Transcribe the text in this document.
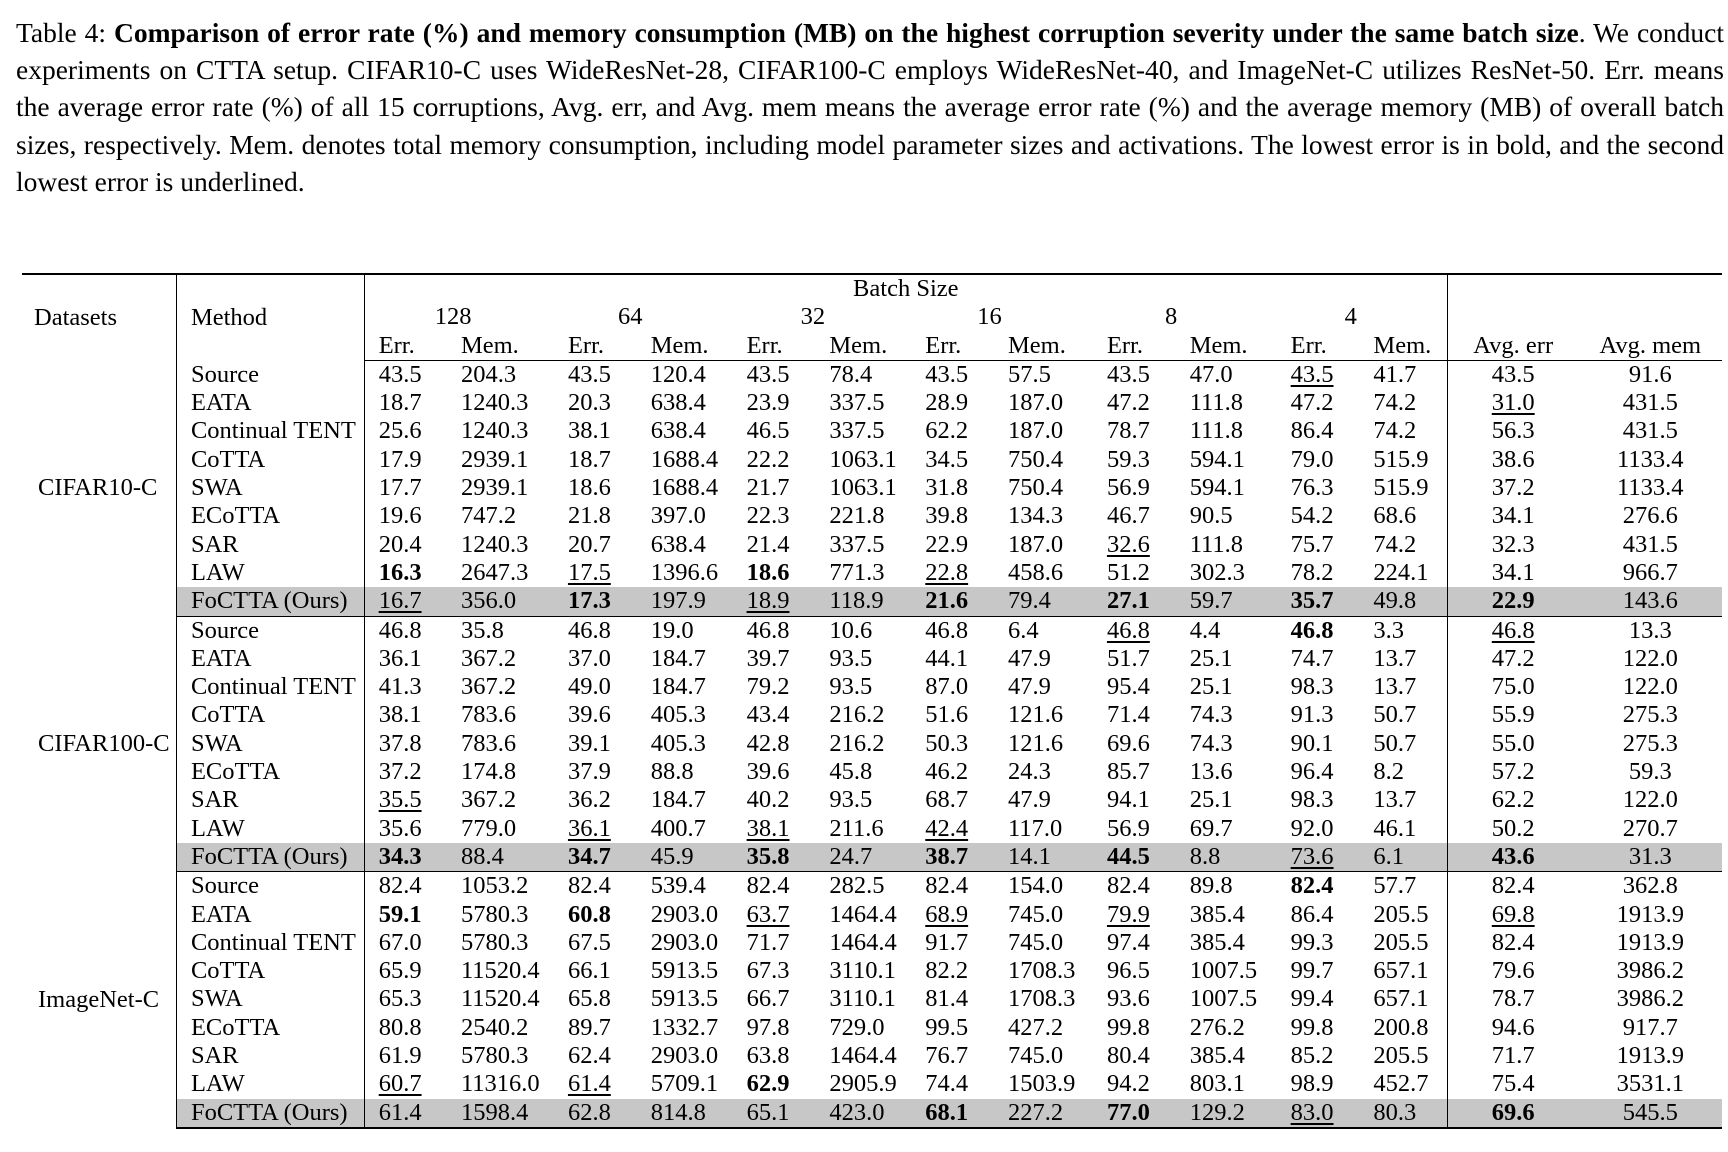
Table 4: Comparison of error rate (%) and memory consumption (MB) on the highest corruption severity under the same batch size. We conduct experiments on CTTA setup. CIFAR10-C uses WideResNet-28, CIFAR100-C employs WideResNet-40, and ImageNet-C utilizes ResNet-50. Err. means the average error rate (%) of all 15 corruptions, Avg. err, and Avg. mem means the average error rate (%) and the average memory (MB) of overall batch sizes, respectively. Mem. denotes total memory consumption, including model parameter sizes and activations. The lowest error is in bold, and the second lowest error is underlined.
Datasets	Method	Batch Size													
		128		64		32		16		8		4			
		Err.	Mem.	Err.	Mem.	Err.	Mem.	Err.	Mem.	Err.	Mem.	Err.	Mem.	Avg. err	Avg. mem
CIFAR10-C	Source	43.5	204.3	43.5	120.4	43.5	78.4	43.5	57.5	43.5	47.0	43.5	41.7	43.5	91.6
	EATA	18.7	1240.3	20.3	638.4	23.9	337.5	28.9	187.0	47.2	111.8	47.2	74.2	31.0	431.5
	Continual TENT	25.6	1240.3	38.1	638.4	46.5	337.5	62.2	187.0	78.7	111.8	86.4	74.2	56.3	431.5
	CoTTA	17.9	2939.1	18.7	1688.4	22.2	1063.1	34.5	750.4	59.3	594.1	79.0	515.9	38.6	1133.4
	SWA	17.7	2939.1	18.6	1688.4	21.7	1063.1	31.8	750.4	56.9	594.1	76.3	515.9	37.2	1133.4
	ECoTTA	19.6	747.2	21.8	397.0	22.3	221.8	39.8	134.3	46.7	90.5	54.2	68.6	34.1	276.6
	SAR	20.4	1240.3	20.7	638.4	21.4	337.5	22.9	187.0	32.6	111.8	75.7	74.2	32.3	431.5
	LAW	16.3	2647.3	17.5	1396.6	18.6	771.3	22.8	458.6	51.2	302.3	78.2	224.1	34.1	966.7
	FoCTTA (Ours)	16.7	356.0	17.3	197.9	18.9	118.9	21.6	79.4	27.1	59.7	35.7	49.8	22.9	143.6
CIFAR100-C	Source	46.8	35.8	46.8	19.0	46.8	10.6	46.8	6.4	46.8	4.4	46.8	3.3	46.8	13.3
	EATA	36.1	367.2	37.0	184.7	39.7	93.5	44.1	47.9	51.7	25.1	74.7	13.7	47.2	122.0
	Continual TENT	41.3	367.2	49.0	184.7	79.2	93.5	87.0	47.9	95.4	25.1	98.3	13.7	75.0	122.0
	CoTTA	38.1	783.6	39.6	405.3	43.4	216.2	51.6	121.6	71.4	74.3	91.3	50.7	55.9	275.3
	SWA	37.8	783.6	39.1	405.3	42.8	216.2	50.3	121.6	69.6	74.3	90.1	50.7	55.0	275.3
	ECoTTA	37.2	174.8	37.9	88.8	39.6	45.8	46.2	24.3	85.7	13.6	96.4	8.2	57.2	59.3
	SAR	35.5	367.2	36.2	184.7	40.2	93.5	68.7	47.9	94.1	25.1	98.3	13.7	62.2	122.0
	LAW	35.6	779.0	36.1	400.7	38.1	211.6	42.4	117.0	56.9	69.7	92.0	46.1	50.2	270.7
	FoCTTA (Ours)	34.3	88.4	34.7	45.9	35.8	24.7	38.7	14.1	44.5	8.8	73.6	6.1	43.6	31.3
ImageNet-C	Source	82.4	1053.2	82.4	539.4	82.4	282.5	82.4	154.0	82.4	89.8	82.4	57.7	82.4	362.8
	EATA	59.1	5780.3	60.8	2903.0	63.7	1464.4	68.9	745.0	79.9	385.4	86.4	205.5	69.8	1913.9
	Continual TENT	67.0	5780.3	67.5	2903.0	71.7	1464.4	91.7	745.0	97.4	385.4	99.3	205.5	82.4	1913.9
	CoTTA	65.9	11520.4	66.1	5913.5	67.3	3110.1	82.2	1708.3	96.5	1007.5	99.7	657.1	79.6	3986.2
	SWA	65.3	11520.4	65.8	5913.5	66.7	3110.1	81.4	1708.3	93.6	1007.5	99.4	657.1	78.7	3986.2
	ECoTTA	80.8	2540.2	89.7	1332.7	97.8	729.0	99.5	427.2	99.8	276.2	99.8	200.8	94.6	917.7
	SAR	61.9	5780.3	62.4	2903.0	63.8	1464.4	76.7	745.0	80.4	385.4	85.2	205.5	71.7	1913.9
	LAW	60.7	11316.0	61.4	5709.1	62.9	2905.9	74.4	1503.9	94.2	803.1	98.9	452.7	75.4	3531.1
	FoCTTA (Ours)	61.4	1598.4	62.8	814.8	65.1	423.0	68.1	227.2	77.0	129.2	83.0	80.3	69.6	545.5
